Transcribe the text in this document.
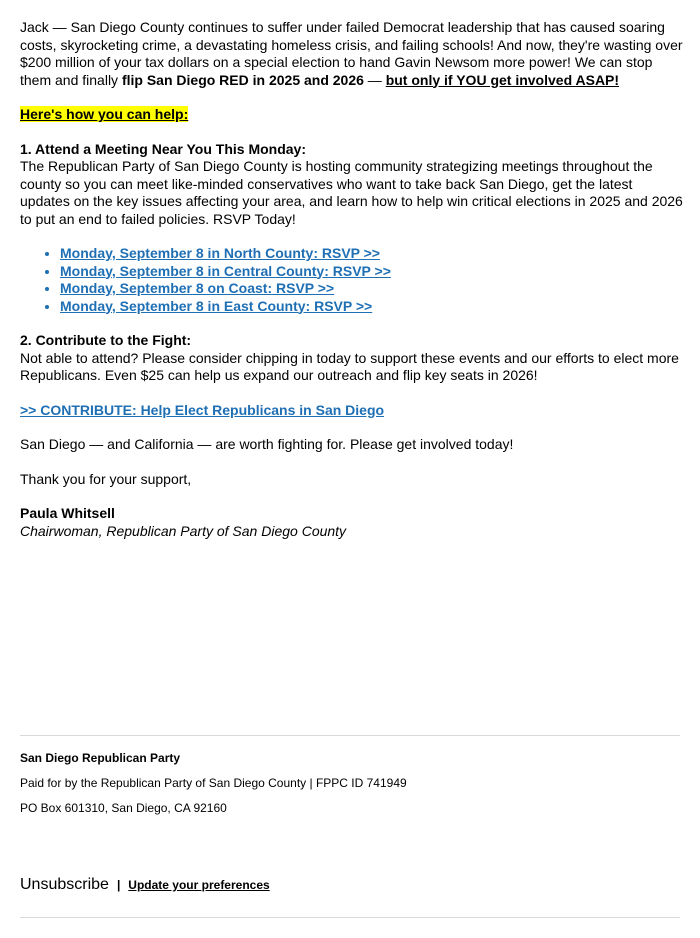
Jack — San Diego County continues to suffer under failed Democrat leadership that has caused soaring costs, skyrocketing crime, a devastating homeless crisis, and failing schools! And now, they're wasting over $200 million of your tax dollars on a special election to hand Gavin Newsom more power! We can stop them and finally flip San Diego RED in 2025 and 2026 — but only if YOU get involved ASAP!

Here's how you can help:

1. Attend a Meeting Near You This Monday:

The Republican Party of San Diego County is hosting community strategizing meetings throughout the county so you can meet like-minded conservatives who want to take back San Diego, get the latest updates on the key issues affecting your area, and learn how to help win critical elections in 2025 and 2026 to put an end to failed policies. RSVP Today!

• Monday, September 8 in North County: RSVP >>
• Monday, September 8 in Central County: RSVP >>
• Monday, September 8 on Coast: RSVP >>
• Monday, September 8 in East County: RSVP >>

2. Contribute to the Fight:

Not able to attend? Please consider chipping in today to support these events and our efforts to elect more Republicans. Even $25 can help us expand our outreach and flip key seats in 2026!

>> CONTRIBUTE: Help Elect Republicans in San Diego

San Diego — and California — are worth fighting for. Please get involved today!

Thank you for your support,

Paula Whitsell

Chairwoman, Republican Party of San Diego County

San Diego Republican Party

Paid for by the Republican Party of San Diego County | FPPC ID 741949

PO Box 601310, San Diego, CA 92160

Unsubscribe | Update your preferences
